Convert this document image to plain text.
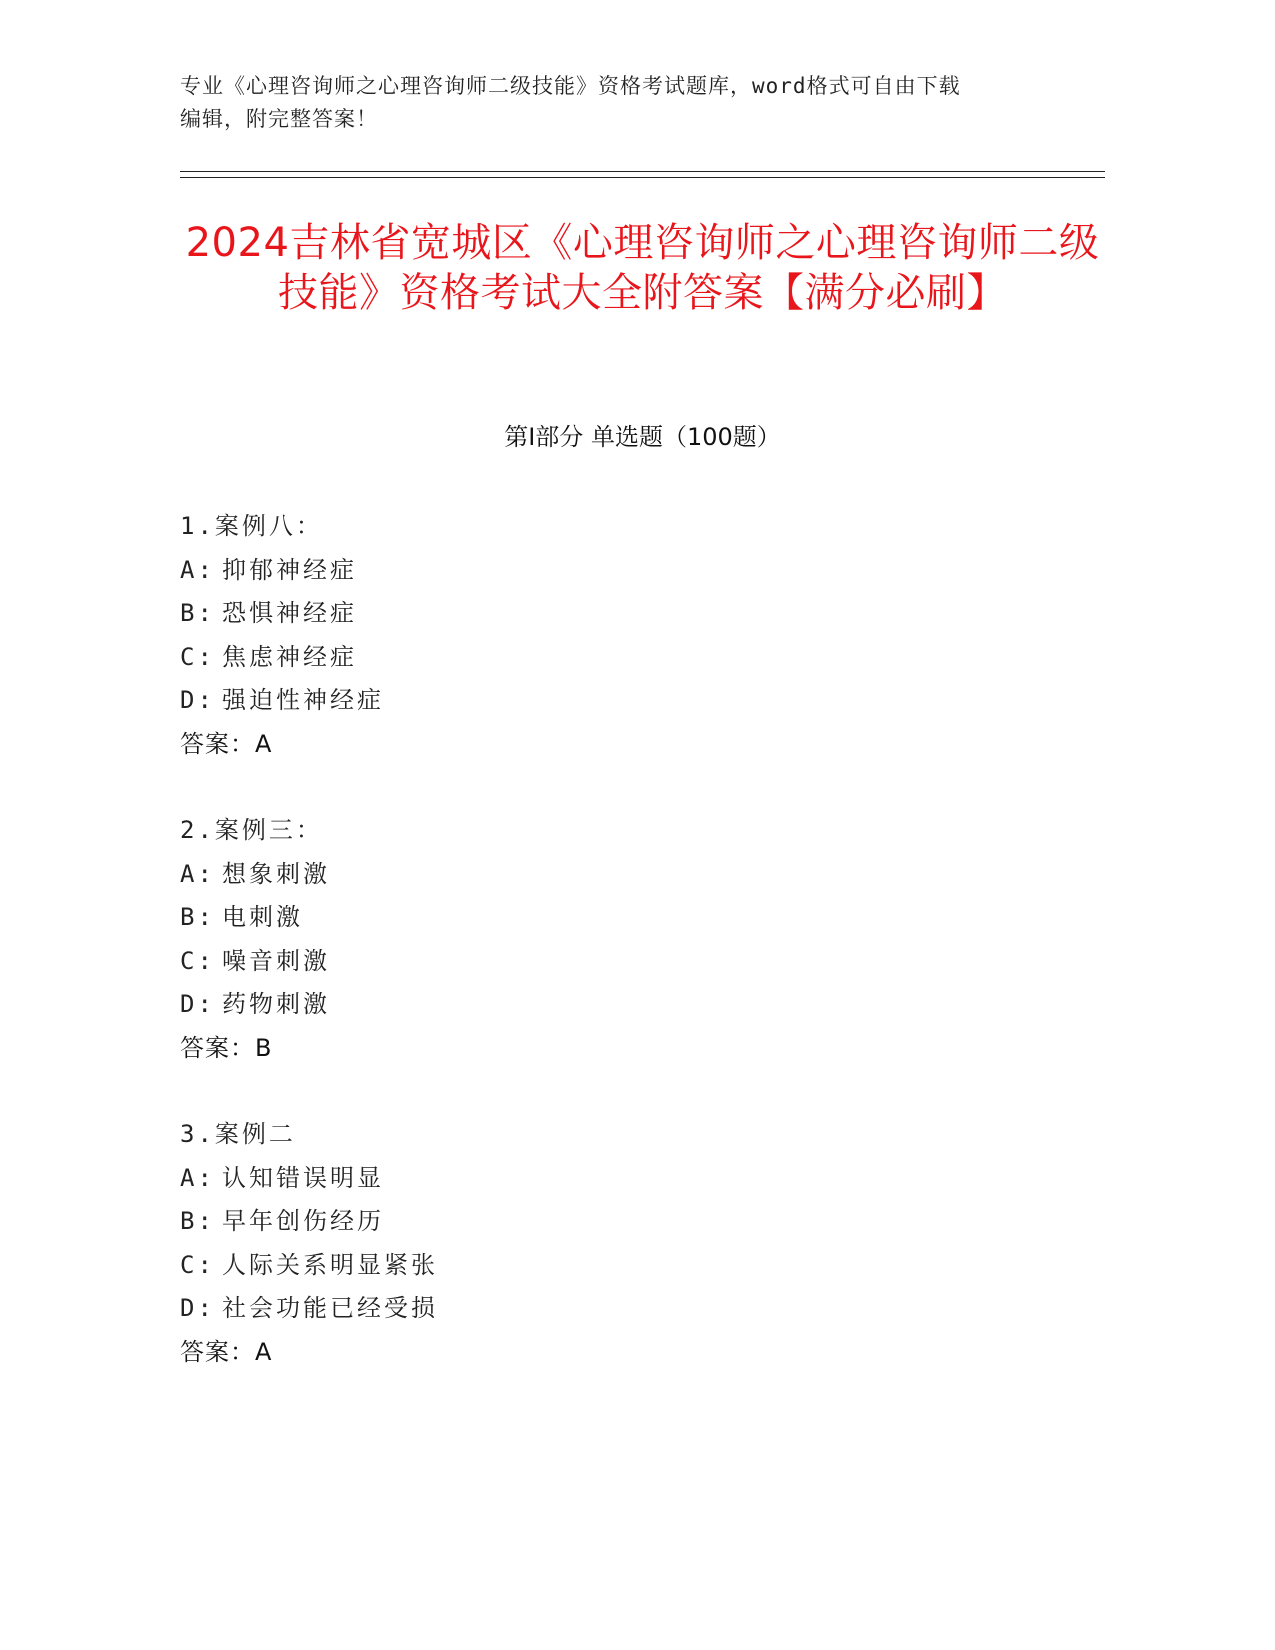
专业《心理咨询师之心理咨询师二级技能》资格考试题库，word格式可自由下载
编辑，附完整答案！
2024吉林省宽城区《心理咨询师之心理咨询师二级技能》资格考试大全附答案【满分必刷】
第Ⅰ部分 单选题（100题）
1.案例八：
A: 抑郁神经症
B: 恐惧神经症
C: 焦虑神经症
D: 强迫性神经症
答案：A
2.案例三：
A: 想象刺激
B: 电刺激
C: 噪音刺激
D: 药物刺激
答案：B
3.案例二
A: 认知错误明显
B: 早年创伤经历
C: 人际关系明显紧张
D: 社会功能已经受损
答案：A
